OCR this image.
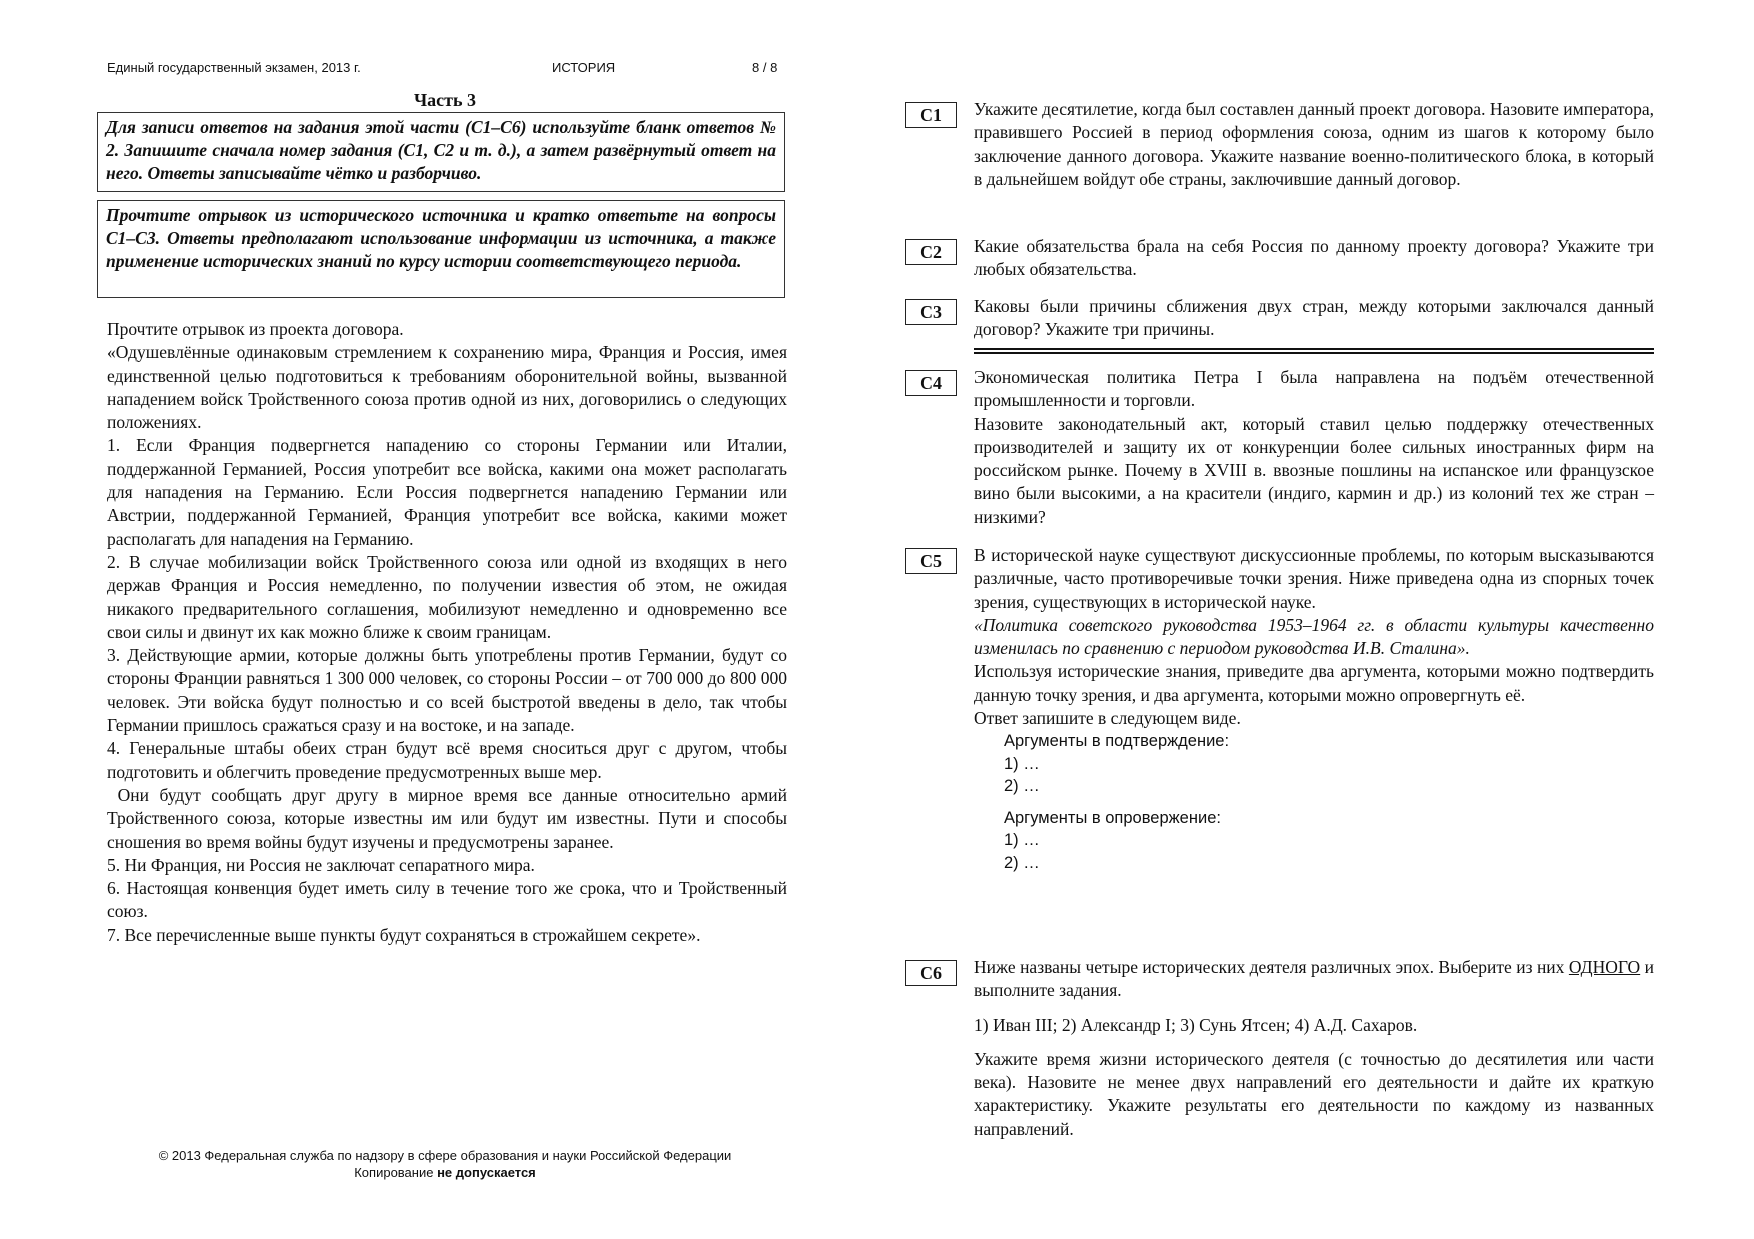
Единый государственный экзамен, 2013 г.	ИСТОРИЯ	8 / 8
Часть 3
Для записи ответов на задания этой части (С1–С6) используйте бланк ответов № 2. Запишите сначала номер задания (С1, С2 и т. д.), а затем развёрнутый ответ на него. Ответы записывайте чётко и разборчиво.
Прочтите отрывок из исторического источника и кратко ответьте на вопросы С1–С3. Ответы предполагают использование информации из источника, а также применение исторических знаний по курсу истории соответствующего периода.

Прочтите отрывок из проекта договора.

«Одушевлённые одинаковым стремлением к сохранению мира, Франция и Россия, имея единственной целью подготовиться к требованиям оборонительной войны, вызванной нападением войск Тройственного союза против одной из них, договорились о следующих положениях.

1. Если Франция подвергнется нападению со стороны Германии или Италии, поддержанной Германией, Россия употребит все войска, какими она может располагать для нападения на Германию. Если Россия подвергнется нападению Германии или Австрии, поддержанной Германией, Франция употребит все войска, какими может располагать для нападения на Германию.

2. В случае мобилизации войск Тройственного союза или одной из входящих в него держав Франция и Россия немедленно, по получении известия об этом, не ожидая никакого предварительного соглашения, мобилизуют немедленно и одновременно все свои силы и двинут их как можно ближе к своим границам.

3. Действующие армии, которые должны быть употреблены против Германии, будут со стороны Франции равняться 1 300 000 человек, со стороны России – от 700 000 до 800 000 человек. Эти войска будут полностью и со всей быстротой введены в дело, так чтобы Германии пришлось сражаться сразу и на востоке, и на западе.

4. Генеральные штабы обеих стран будут всё время сноситься друг с другом, чтобы подготовить и облегчить проведение предусмотренных выше мер.

Они будут сообщать друг другу в мирное время все данные относительно армий Тройственного союза, которые известны им или будут им известны. Пути и способы сношения во время войны будут изучены и предусмотрены заранее.

5. Ни Франция, ни Россия не заключат сепаратного мира.

6. Настоящая конвенция будет иметь силу в течение того же срока, что и Тройственный союз.

7. Все перечисленные выше пункты будут сохраняться в строжайшем секрете».

© 2013 Федеральная служба по надзору в сфере образования и науки Российской Федерации
Копирование не допускается
С1	Укажите десятилетие, когда был составлен данный проект договора. Назовите императора, правившего Россией в период оформления союза, одним из шагов к которому было заключение данного договора. Укажите название военно-политического блока, в который в дальнейшем войдут обе страны, заключившие данный договор.
С2	Какие обязательства брала на себя Россия по данному проекту договора? Укажите три любых обязательства.
С3	Каковы были причины сближения двух стран, между которыми заключался данный договор? Укажите три причины.
С4	Экономическая политика Петра I была направлена на подъём отечественной промышленности и торговли.

Назовите законодательный акт, который ставил целью поддержку отечественных производителей и защиту их от конкуренции более сильных иностранных фирм на российском рынке. Почему в XVIII в. ввозные пошлины на испанское или французское вино были высокими, а на красители (индиго, кармин и др.) из колоний тех же стран – низкими?

С5	В исторической науке существуют дискуссионные проблемы, по которым высказываются различные, часто противоречивые точки зрения. Ниже приведена одна из спорных точек зрения, существующих в исторической науке.

«Политика советского руководства 1953–1964 гг. в области культуры качественно изменилась по сравнению с периодом руководства И.В. Сталина».

Используя исторические знания, приведите два аргумента, которыми можно подтвердить данную точку зрения, и два аргумента, которыми можно опровергнуть её.

Ответ запишите в следующем виде.

Аргументы в подтверждение:
1) …
2) …
Аргументы в опровержение:
1) …
2) …
С6	Ниже названы четыре исторических деятеля различных эпох. Выберите из них ОДНОГО и выполните задания.

1) Иван III; 2) Александр I; 3) Сунь Ятсен; 4) А.Д. Сахаров.

Укажите время жизни исторического деятеля (с точностью до десятилетия или части века). Назовите не менее двух направлений его деятельности и дайте их краткую характеристику. Укажите результаты его деятельности по каждому из названных направлений.
